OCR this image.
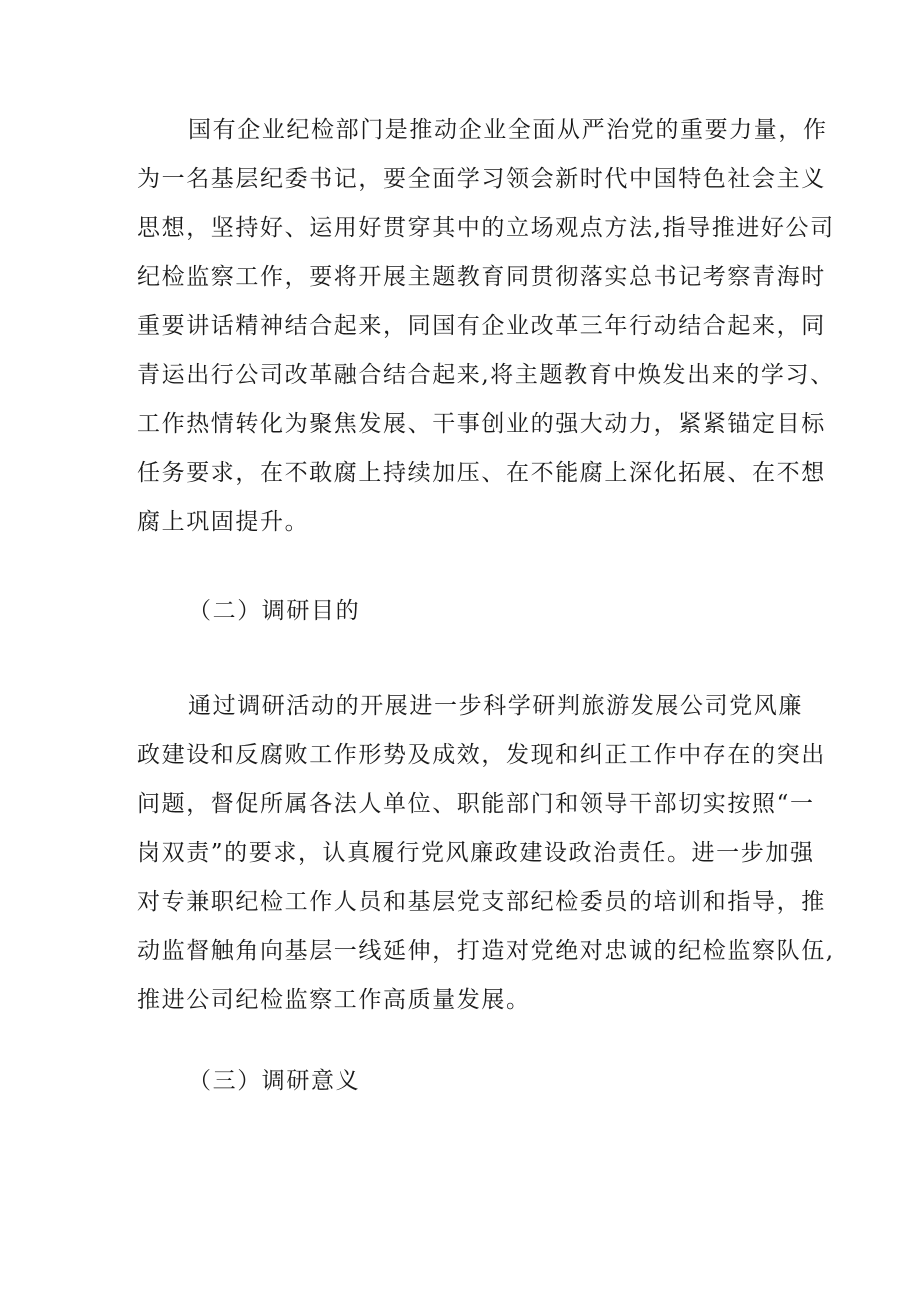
国有企业纪检部门是推动企业全面从严治党的重要力量，作
为一名基层纪委书记，要全面学习领会新时代中国特色社会主义
思想，坚持好、运用好贯穿其中的立场观点方法,指导推进好公司
纪检监察工作，要将开展主题教育同贯彻落实总书记考察青海时
重要讲话精神结合起来，同国有企业改革三年行动结合起来，同
青运出行公司改革融合结合起来,将主题教育中焕发出来的学习、
工作热情转化为聚焦发展、干事创业的强大动力，紧紧锚定目标
任务要求，在不敢腐上持续加压、在不能腐上深化拓展、在不想
腐上巩固提升。
（二）调研目的
通过调研活动的开展进一步科学研判旅游发展公司党风廉
政建设和反腐败工作形势及成效，发现和纠正工作中存在的突出
问题，督促所属各法人单位、职能部门和领导干部切实按照“一
岗双责”的要求，认真履行党风廉政建设政治责任。进一步加强
对专兼职纪检工作人员和基层党支部纪检委员的培训和指导，推
动监督触角向基层一线延伸，打造对党绝对忠诚的纪检监察队伍,
推进公司纪检监察工作高质量发展。
（三）调研意义
